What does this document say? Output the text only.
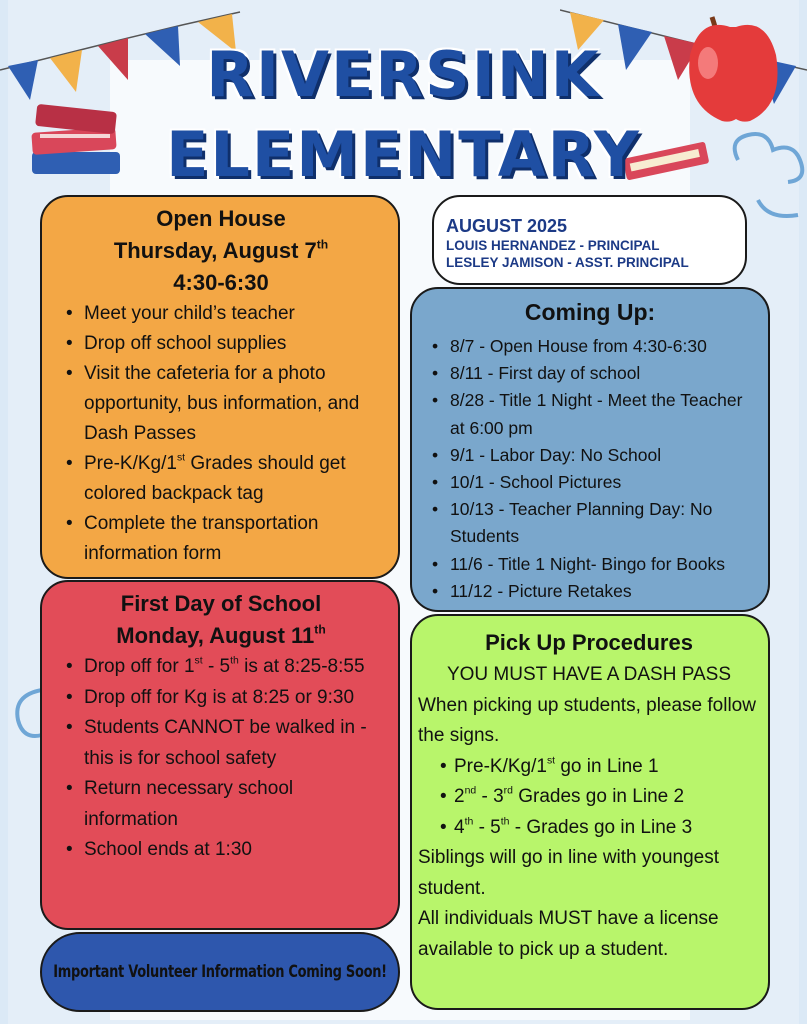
RIVERSINK
ELEMENTARY
Open House
Thursday, August 7th
4:30-6:30
• Meet your child’s teacher
• Drop off school supplies
• Visit the cafeteria for a photo opportunity, bus information, and Dash Passes
• Pre-K/Kg/1st Grades should get colored backpack tag
• Complete the transportation information form
First Day of School
Monday, August 11th
• Drop off for 1st - 5th is at 8:25-8:55
• Drop off for Kg is at 8:25 or 9:30
• Students CANNOT be walked in - this is for school safety
• Return necessary school information
• School ends at 1:30
Important Volunteer Information Coming Soon!
AUGUST 2025
LOUIS HERNANDEZ - PRINCIPAL
LESLEY JAMISON - ASST. PRINCIPAL
Coming Up:
• 8/7 - Open House from 4:30-6:30
• 8/11 - First day of school
• 8/28 - Title 1 Night - Meet the Teacher at 6:00 pm
• 9/1 - Labor Day: No School
• 10/1 - School Pictures
• 10/13 - Teacher Planning Day: No Students
• 11/6 - Title 1 Night- Bingo for Books
• 11/12 - Picture Retakes
Pick Up Procedures
YOU MUST HAVE A DASH PASS
When picking up students, please follow the signs.
• Pre-K/Kg/1st go in Line 1
• 2nd - 3rd Grades go in Line 2
• 4th - 5th - Grades go in Line 3
Siblings will go in line with youngest student.
All individuals MUST have a license available to pick up a student.
